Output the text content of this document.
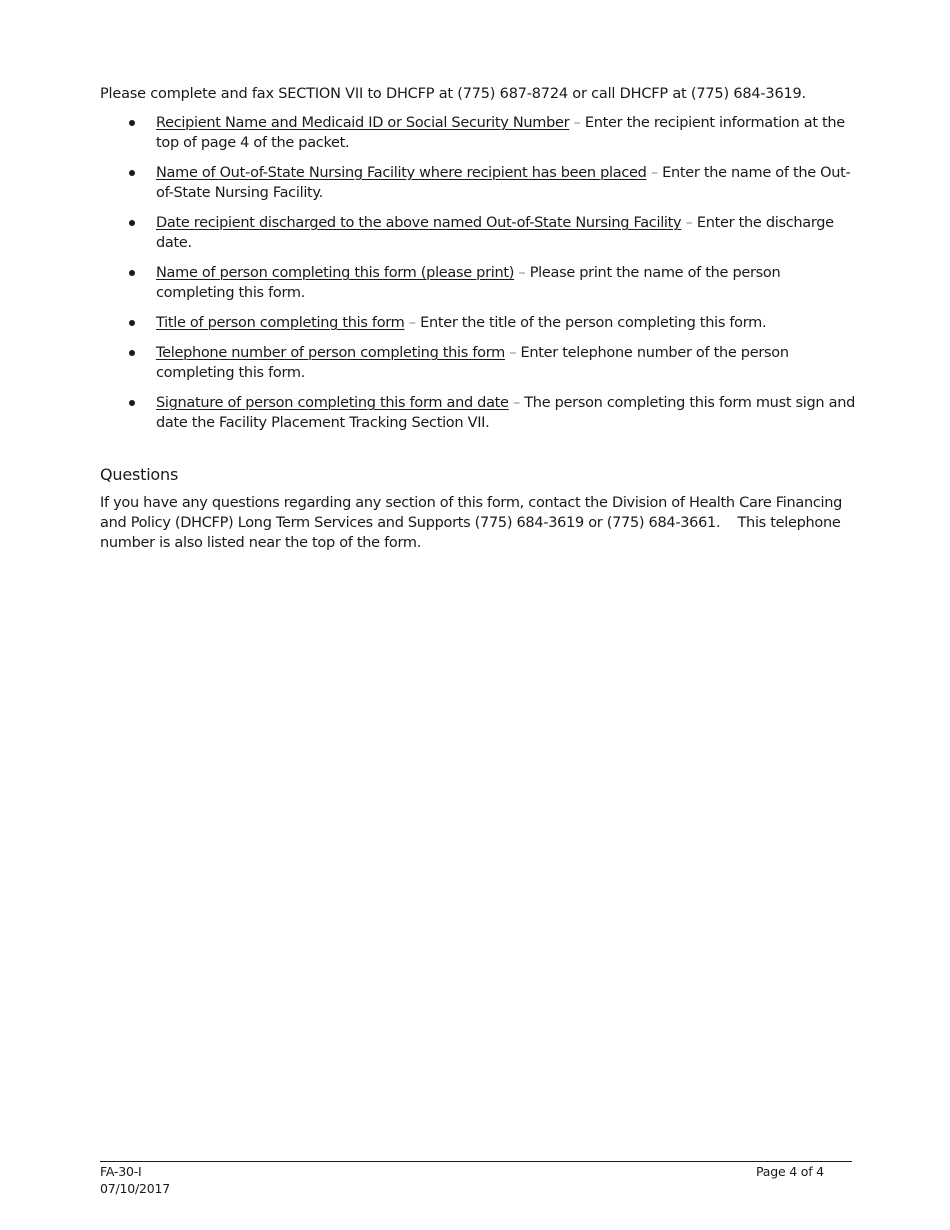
Please complete and fax SECTION VII to DHCFP at (775) 687-8724 or call DHCFP at (775) 684-3619.

Recipient Name and Medicaid ID or Social Security Number – Enter the recipient information at the top of page 4 of the packet.
Name of Out-of-State Nursing Facility where recipient has been placed – Enter the name of the Out-of-State Nursing Facility.
Date recipient discharged to the above named Out-of-State Nursing Facility – Enter the discharge date.
Name of person completing this form (please print) – Please print the name of the person completing this form.
Title of person completing this form – Enter the title of the person completing this form.
Telephone number of person completing this form – Enter telephone number of the person completing this form.
Signature of person completing this form and date – The person completing this form must sign and date the Facility Placement Tracking Section VII.
Questions

If you have any questions regarding any section of this form, contact the Division of Health Care Financing and Policy (DHCFP) Long Term Services and Supports (775) 684-3619 or (775) 684-3661.    This telephone number is also listed near the top of the form.

FA-30-I
07/10/2017
Page 4 of 4
